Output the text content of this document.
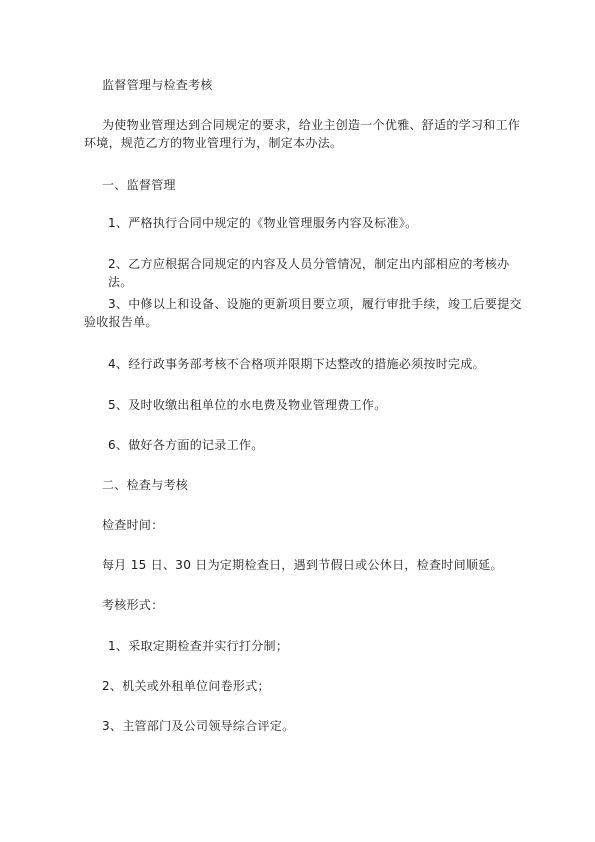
监督管理与检查考核

为使物业管理达到合同规定的要求，给业主创造一个优雅、舒适的学习和工作环境，规范乙方的物业管理行为，制定本办法。

一、监督管理

1、严格执行合同中规定的《物业管理服务内容及标准》。

2、乙方应根据合同规定的内容及人员分管情况，制定出内部相应的考核办法。

3、中修以上和设备、设施的更新项目要立项，履行审批手续，竣工后要提交验收报告单。

4、经行政事务部考核不合格项并限期下达整改的措施必须按时完成。

5、及时收缴出租单位的水电费及物业管理费工作。

6、做好各方面的记录工作。

二、检查与考核

检查时间：

每月 15 日、30 日为定期检查日，遇到节假日或公休日，检查时间顺延。

考核形式：

1、采取定期检查并实行打分制；

2、机关或外租单位问卷形式；

3、主管部门及公司领导综合评定。
